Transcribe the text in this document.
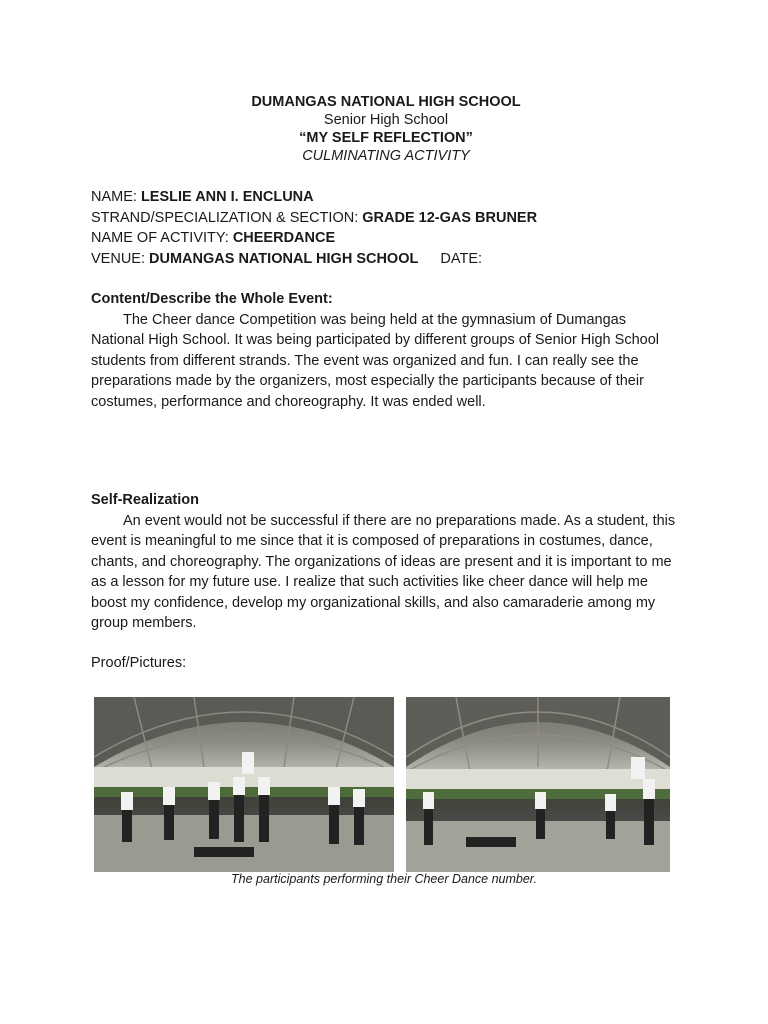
DUMANGAS NATIONAL HIGH SCHOOL
Senior High School
“MY SELF REFLECTION”
CULMINATING ACTIVITY
NAME: LESLIE ANN I. ENCLUNA
STRAND/SPECIALIZATION & SECTION: GRADE 12-GAS BRUNER
NAME OF ACTIVITY: CHEERDANCE
VENUE: DUMANGAS NATIONAL HIGH SCHOOL DATE:
Content/Describe the Whole Event:

The Cheer dance Competition was being held at the gymnasium of Dumangas National High School. It was being participated by different groups of Senior High School students from different strands. The event was organized and fun. I can really see the preparations made by the organizers, most especially the participants because of their costumes, performance and choreography. It was ended well.

Self-Realization

An event would not be successful if there are no preparations made. As a student, this event is meaningful to me since that it is composed of preparations in costumes, dance, chants, and choreography. The organizations of ideas are present and it is important to me as a lesson for my future use. I realize that such activities like cheer dance will help me boost my confidence, develop my organizational skills, and also camaraderie among my group members.

Proof/Pictures:
The participants performing their Cheer Dance number.
